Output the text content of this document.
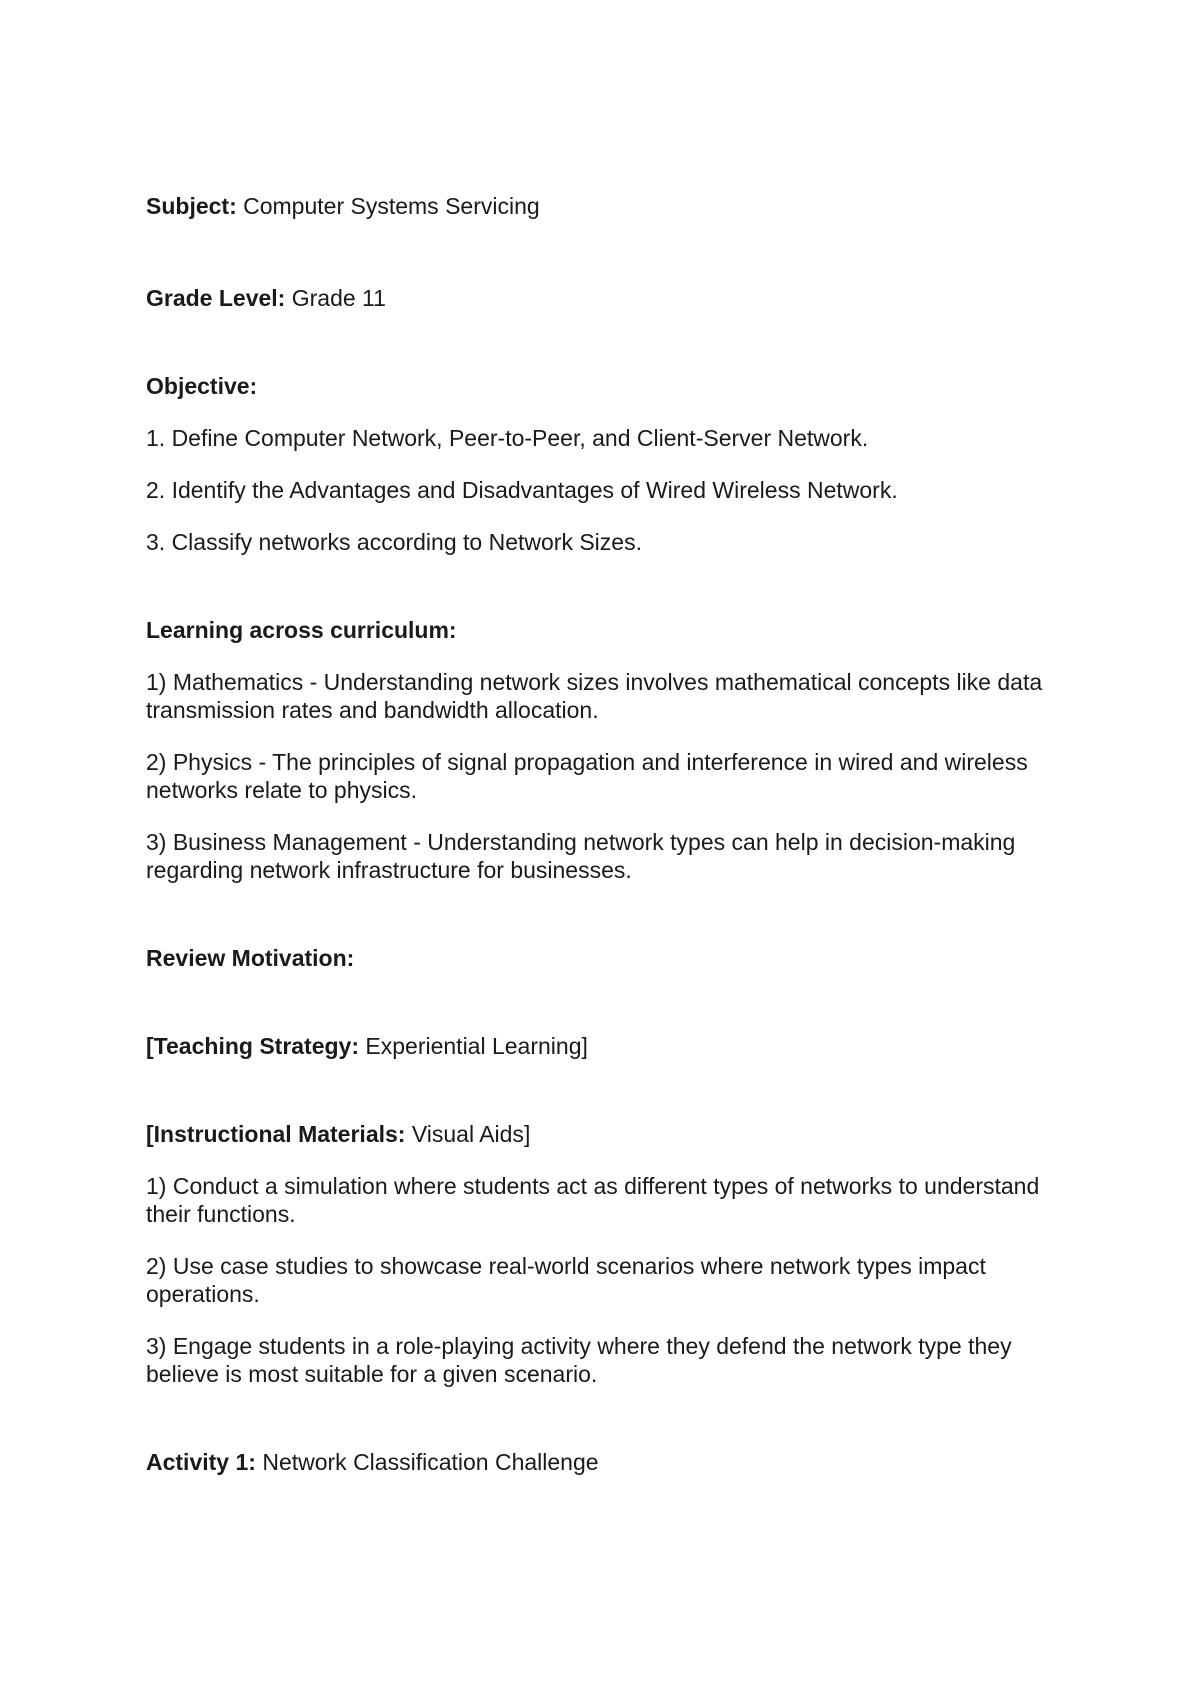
Subject: Computer Systems Servicing

Grade Level: Grade 11

Objective:

1. Define Computer Network, Peer-to-Peer, and Client-Server Network.

2. Identify the Advantages and Disadvantages of Wired Wireless Network.

3. Classify networks according to Network Sizes.

Learning across curriculum:

1) Mathematics - Understanding network sizes involves mathematical concepts like data transmission rates and bandwidth allocation.

2) Physics - The principles of signal propagation and interference in wired and wireless networks relate to physics.

3) Business Management - Understanding network types can help in decision-making regarding network infrastructure for businesses.

Review Motivation:

[Teaching Strategy: Experiential Learning]

[Instructional Materials: Visual Aids]

1) Conduct a simulation where students act as different types of networks to understand their functions.

2) Use case studies to showcase real-world scenarios where network types impact operations.

3) Engage students in a role-playing activity where they defend the network type they believe is most suitable for a given scenario.

Activity 1: Network Classification Challenge
